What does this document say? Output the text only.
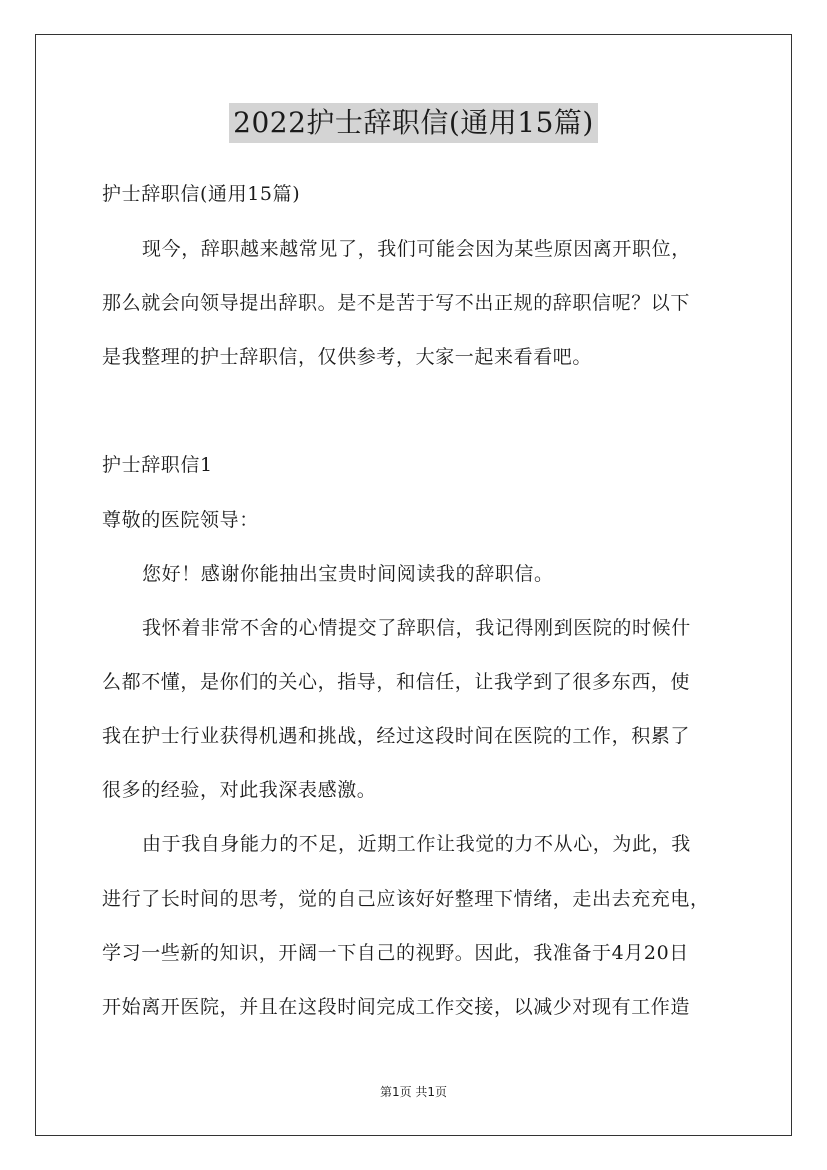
2022护士辞职信(通用15篇)
护士辞职信(通用15篇)
现今，辞职越来越常见了，我们可能会因为某些原因离开职位，
那么就会向领导提出辞职。是不是苦于写不出正规的辞职信呢？以下
是我整理的护士辞职信，仅供参考，大家一起来看看吧。
护士辞职信1
尊敬的医院领导：
您好！感谢你能抽出宝贵时间阅读我的辞职信。
我怀着非常不舍的心情提交了辞职信，我记得刚到医院的时候什
么都不懂，是你们的关心，指导，和信任，让我学到了很多东西，使
我在护士行业获得机遇和挑战，经过这段时间在医院的工作，积累了
很多的经验，对此我深表感激。
由于我自身能力的不足，近期工作让我觉的力不从心，为此，我
进行了长时间的思考，觉的自己应该好好整理下情绪，走出去充充电，
学习一些新的知识，开阔一下自己的视野。因此，我准备于4月20日
开始离开医院，并且在这段时间完成工作交接，以减少对现有工作造
第1页 共1页
